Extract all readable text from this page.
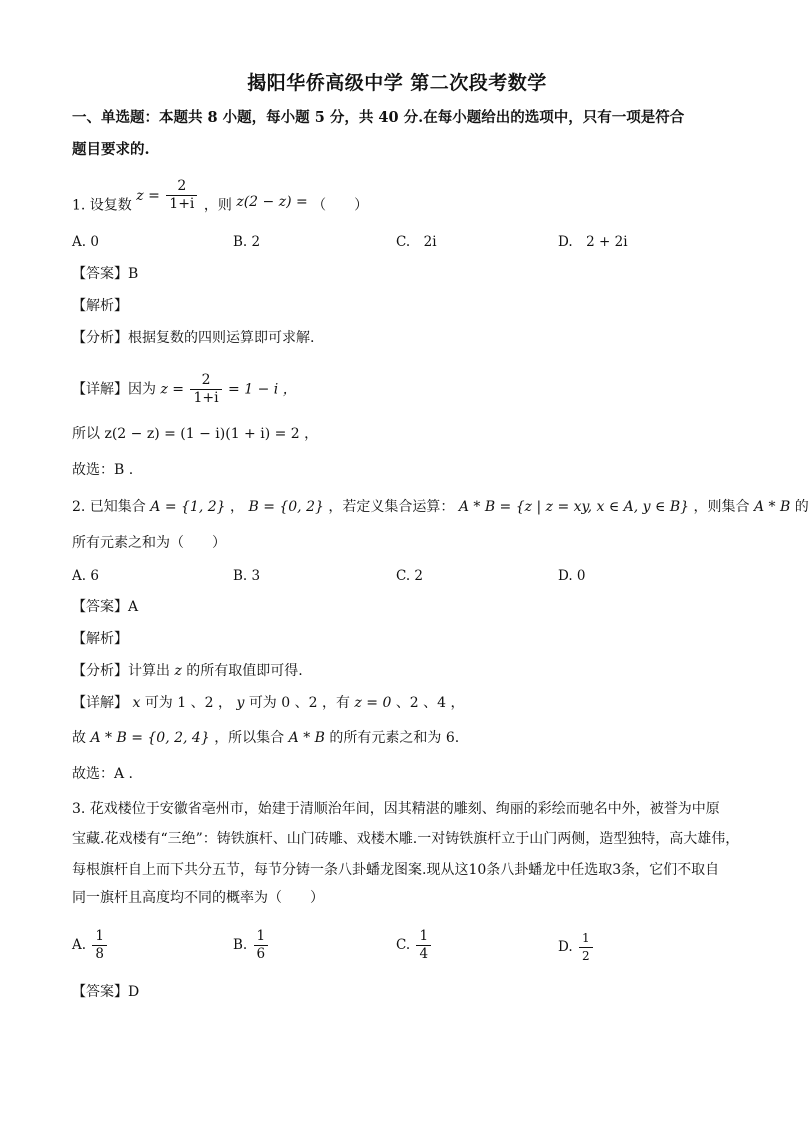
揭阳华侨高级中学 第二次段考数学
一、单选题：本题共 8 小题，每小题 5 分，共 40 分.在每小题给出的选项中，只有一项是符合
题目要求的.
1. 设复数 $z = \frac{2}{1+i}$ ，则 z(2 − z) = （　　）
A. 0	B. 2	C.　2i	D.　2 + 2i
【答案】B
【解析】
【分析】根据复数的四则运算即可求解.
【详解】因为 $z = \frac{2}{1+i} = 1 - i$ ，
所以 z(2 − z) = (1 − i)(1 + i) = 2 ，
故选：B .
2. 已知集合 A = {1, 2} ， B = {0, 2} ，若定义集合运算： A * B = {z | z = xy, x ∈ A, y ∈ B} ，则集合 A * B 的
所有元素之和为（　　）
A. 6	B. 3	C. 2	D. 0
【答案】A
【解析】
【分析】计算出 z 的所有取值即可得.
【详解】 x 可为 1 、2 ， y 可为 0 、2 ，有 z = 0 、2 、4 ，
故 A * B = {0, 2, 4} ，所以集合 A * B 的所有元素之和为 6.
故选：A .
3. 花戏楼位于安徽省亳州市，始建于清顺治年间，因其精湛的雕刻、绚丽的彩绘而驰名中外，被誉为中原
宝藏.花戏楼有“三绝”：铸铁旗杆、山门砖雕、戏楼木雕.一对铸铁旗杆立于山门两侧，造型独特，高大雄伟，
每根旗杆自上而下共分五节，每节分铸一条八卦蟠龙图案.现从这10条八卦蟠龙中任选取3条，它们不取自
同一旗杆且高度均不同的概率为（　　）
A. $\frac{1}{8}$	B. $\frac{1}{6}$	C. $\frac{1}{4}$	D. $\frac{1}{2}$
【答案】D
